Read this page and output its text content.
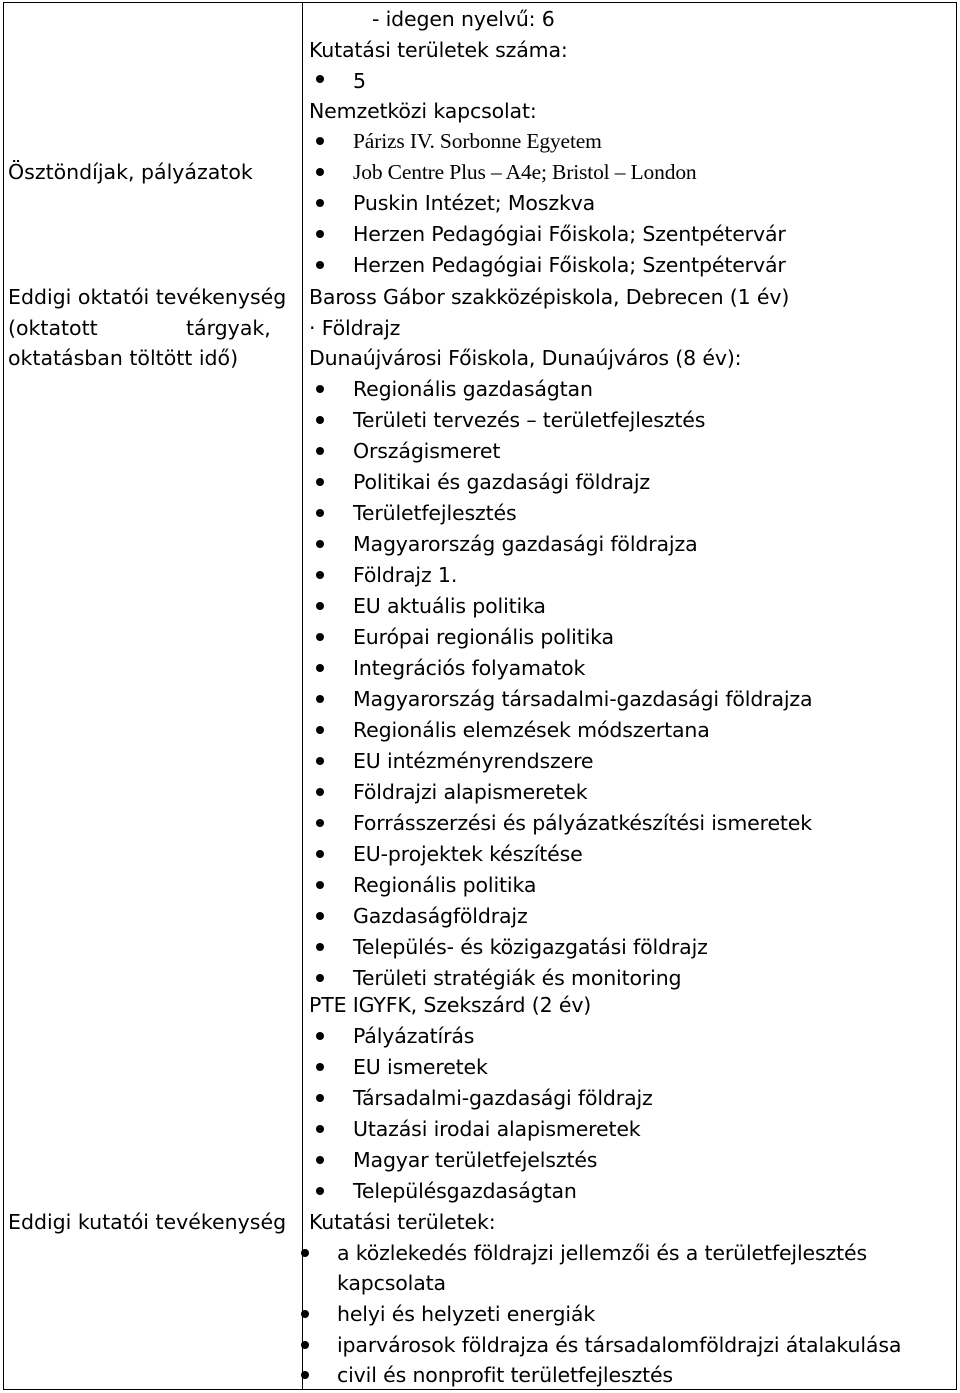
- idegen nyelvű: 6
Kutatási területek száma:
5
Nemzetközi kapcsolat:
Párizs IV. Sorbonne Egyetem
Ösztöndíjak, pályázatok	Job Centre Plus – A4e; Bristol – London
Puskin Intézet; Moszkva
Herzen Pedagógiai Főiskola; Szentpétervár
Herzen Pedagógiai Főiskola; Szentpétervár
Eddigi oktatói tevékenység
(oktatott	tárgyak,
oktatásban töltött idő)
Baross Gábor szakközépiskola, Debrecen (1 év)
· Földrajz
Dunaújvárosi Főiskola, Dunaújváros (8 év):
Regionális gazdaságtan
Területi tervezés – területfejlesztés
Országismeret
Politikai és gazdasági földrajz
Területfejlesztés
Magyarország gazdasági földrajza
Földrajz 1.
EU aktuális politika
Európai regionális politika
Integrációs folyamatok
Magyarország társadalmi-gazdasági földrajza
Regionális elemzések módszertana
EU intézményrendszere
Földrajzi alapismeretek
Forrásszerzési és pályázatkészítési ismeretek
EU-projektek készítése
Regionális politika
Gazdaságföldrajz
Település- és közigazgatási földrajz
Területi stratégiák és monitoring
PTE IGYFK, Szekszárd (2 év)
Pályázatírás
EU ismeretek
Társadalmi-gazdasági földrajz
Utazási irodai alapismeretek
Magyar területfejelsztés
Településgazdaságtan
Eddigi kutatói tevékenység Kutatási területek:
a közlekedés földrajzi jellemzői és a területfejlesztés
kapcsolata
helyi és helyzeti energiák
iparvárosok földrajza és társadalomföldrajzi átalakulása
civil és nonprofit területfejlesztés
